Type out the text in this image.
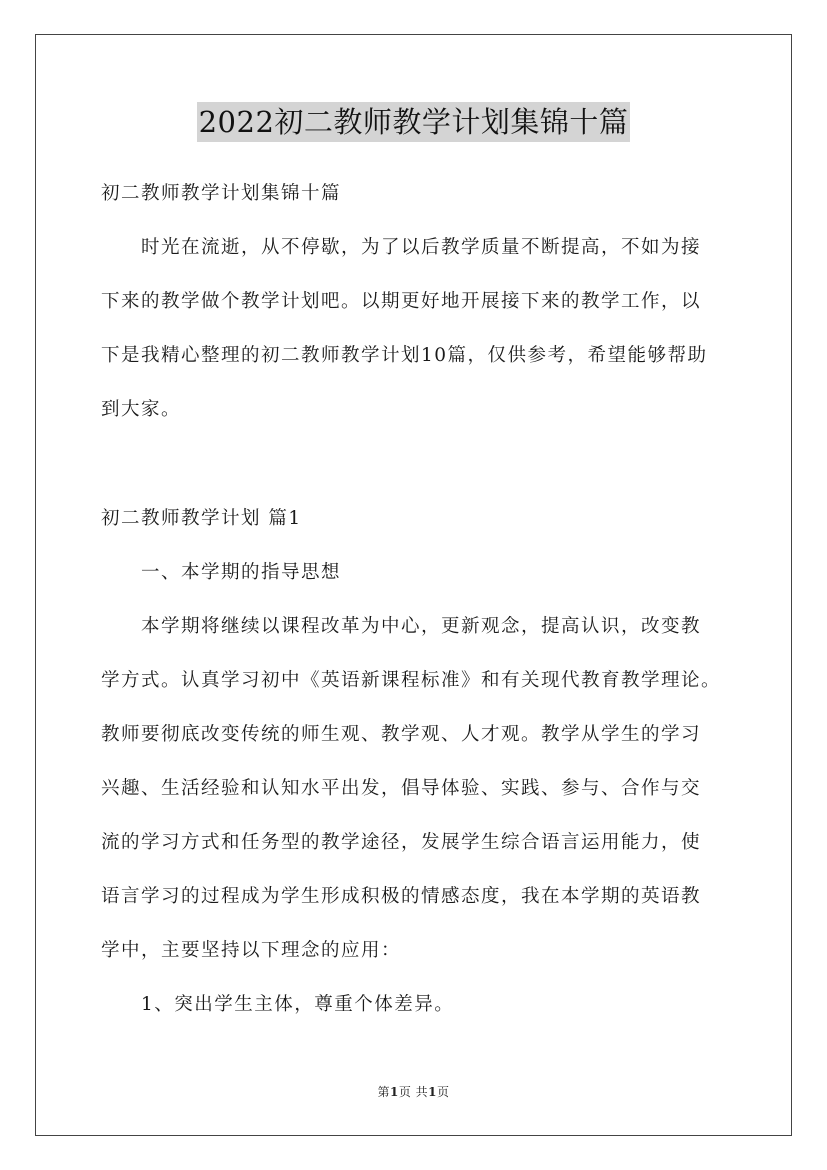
2022初二教师教学计划集锦十篇
初二教师教学计划集锦十篇
时光在流逝，从不停歇，为了以后教学质量不断提高，不如为接
下来的教学做个教学计划吧。以期更好地开展接下来的教学工作，以
下是我精心整理的初二教师教学计划10篇，仅供参考，希望能够帮助
到大家。
初二教师教学计划 篇1
一、本学期的指导思想
本学期将继续以课程改革为中心，更新观念，提高认识，改变教
学方式。认真学习初中《英语新课程标准》和有关现代教育教学理论。
教师要彻底改变传统的师生观、教学观、人才观。教学从学生的学习
兴趣、生活经验和认知水平出发，倡导体验、实践、参与、合作与交
流的学习方式和任务型的教学途径，发展学生综合语言运用能力，使
语言学习的过程成为学生形成积极的情感态度，我在本学期的英语教
学中，主要坚持以下理念的应用：
1、突出学生主体，尊重个体差异。
第1页 共1页
